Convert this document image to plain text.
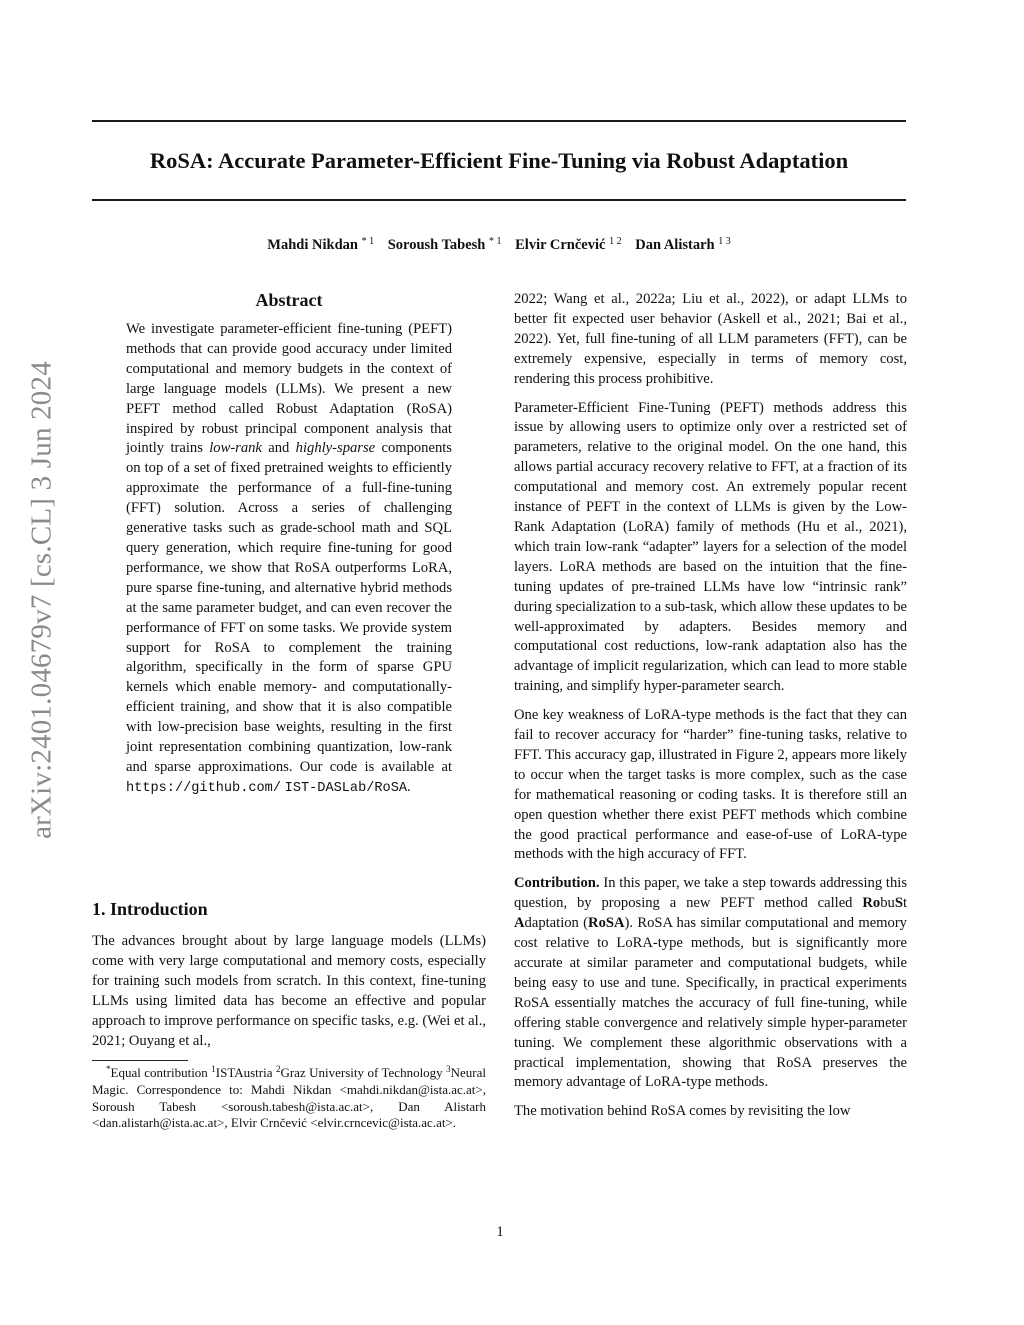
RoSA: Accurate Parameter-Efficient Fine-Tuning via Robust Adaptation
Mahdi Nikdan $^{* 1}$ Soroush Tabesh $^{* 1}$ Elvir Crnčević $^{1 2}$ Dan Alistarh $^{1 3}$
arXiv:2401.04679v7 [cs.CL] 3 Jun 2024
Abstract
We investigate parameter-efficient fine-tuning (PEFT) methods that can provide good accuracy under limited computational and memory budgets in the context of large language models (LLMs). We present a new PEFT method called Robust Adaptation (RoSA) inspired by robust principal component analysis that jointly trains low-rank and highly-sparse components on top of a set of fixed pretrained weights to efficiently approximate the performance of a full-fine-tuning (FFT) solution. Across a series of challenging generative tasks such as grade-school math and SQL query generation, which require fine-tuning for good performance, we show that RoSA outperforms LoRA, pure sparse fine-tuning, and alternative hybrid methods at the same parameter budget, and can even recover the performance of FFT on some tasks. We provide system support for RoSA to complement the training algorithm, specifically in the form of sparse GPU kernels which enable memory- and computationally-efficient training, and show that it is also compatible with low-precision base weights, resulting in the first joint representation combining quantization, low-rank and sparse approximations. Our code is available at https://github.com/ IST-DASLab/RoSA.
1. Introduction
The advances brought about by large language models (LLMs) come with very large computational and memory costs, especially for training such models from scratch. In this context, fine-tuning LLMs using limited data has become an effective and popular approach to improve performance on specific tasks, e.g. (Wei et al., 2021; Ouyang et al.,
*Equal contribution $^1$ISTAustria $^2$Graz University of Technology $^3$Neural Magic. Correspondence to: Mahdi Nikdan <mahdi.nikdan@ista.ac.at>, Soroush Tabesh <soroush.tabesh@ista.ac.at>, Dan Alistarh <dan.alistarh@ista.ac.at>, Elvir Crnčević <elvir.crncevic@ista.ac.at>.

2022; Wang et al., 2022a; Liu et al., 2022), or adapt LLMs to better fit expected user behavior (Askell et al., 2021; Bai et al., 2022). Yet, full fine-tuning of all LLM parameters (FFT), can be extremely expensive, especially in terms of memory cost, rendering this process prohibitive.

Parameter-Efficient Fine-Tuning (PEFT) methods address this issue by allowing users to optimize only over a restricted set of parameters, relative to the original model. On the one hand, this allows partial accuracy recovery relative to FFT, at a fraction of its computational and memory cost. An extremely popular recent instance of PEFT in the context of LLMs is given by the Low-Rank Adaptation (LoRA) family of methods (Hu et al., 2021), which train low-rank “adapter” layers for a selection of the model layers. LoRA methods are based on the intuition that the fine-tuning updates of pre-trained LLMs have low “intrinsic rank” during specialization to a sub-task, which allow these updates to be well-approximated by adapters. Besides memory and computational cost reductions, low-rank adaptation also has the advantage of implicit regularization, which can lead to more stable training, and simplify hyper-parameter search.

One key weakness of LoRA-type methods is the fact that they can fail to recover accuracy for “harder” fine-tuning tasks, relative to FFT. This accuracy gap, illustrated in Figure 2, appears more likely to occur when the target tasks is more complex, such as the case for mathematical reasoning or coding tasks. It is therefore still an open question whether there exist PEFT methods which combine the good practical performance and ease-of-use of LoRA-type methods with the high accuracy of FFT.

Contribution. In this paper, we take a step towards addressing this question, by proposing a new PEFT method called RobuSt Adaptation (RoSA). RoSA has similar computational and memory cost relative to LoRA-type methods, but is significantly more accurate at similar parameter and computational budgets, while being easy to use and tune. Specifically, in practical experiments RoSA essentially matches the accuracy of full fine-tuning, while offering stable convergence and relatively simple hyper-parameter tuning. We complement these algorithmic observations with a practical implementation, showing that RoSA preserves the memory advantage of LoRA-type methods.

The motivation behind RoSA comes by revisiting the low

1
